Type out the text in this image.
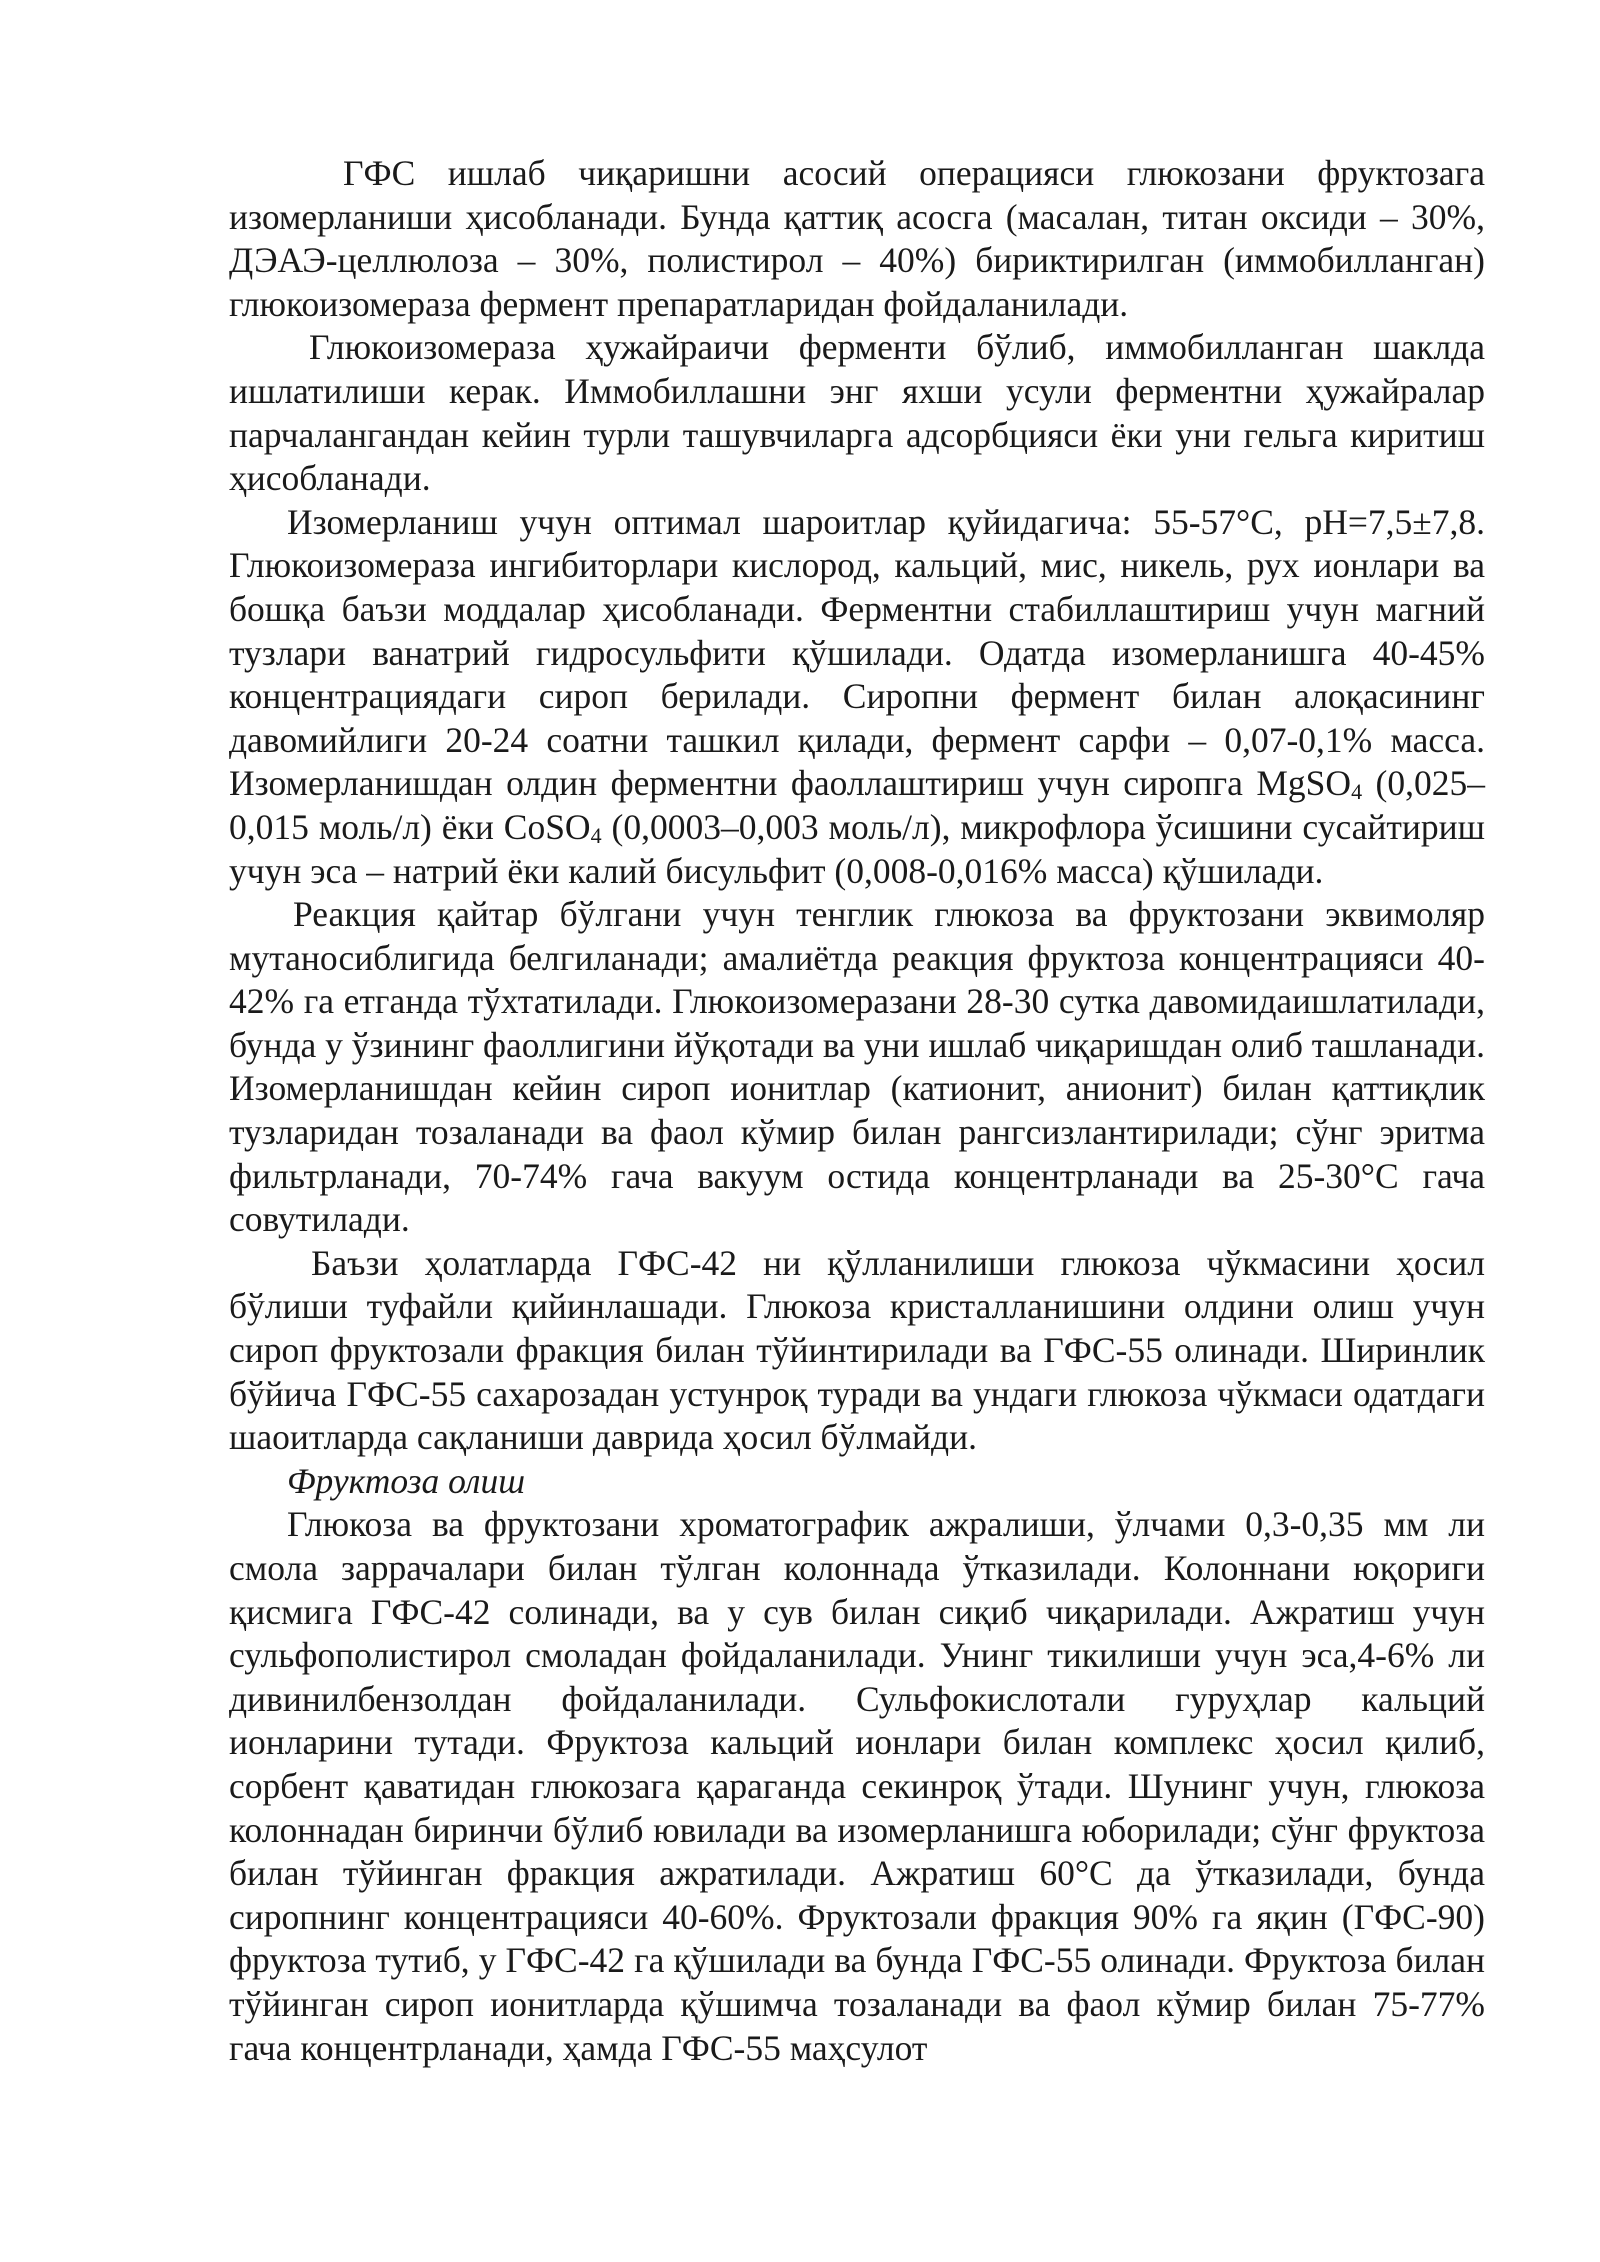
ГФС ишлаб чиқаришни асосий операцияси глюкозани фруктозага изомерланиши ҳисобланади. Бунда қаттиқ асосга (масалан, титан оксиди – 30%, ДЭАЭ-целлюлоза – 30%, полистирол – 40%) бириктирилган (иммобилланган) глюкоизомераза фермент препаратларидан фойдаланилади.

Глюкоизомераза ҳужайраичи ферменти бўлиб, иммобилланган шаклда ишлатилиши керак. Иммобиллашни энг яхши усули ферментни ҳужайралар парчалангандан кейин турли ташувчиларга адсорбцияси ёки уни гельга киритиш ҳисобланади.

Изомерланиш учун оптимал шароитлар қуйидагича: 55-57°С, рН=7,5±7,8. Глюкоизомераза ингибиторлари кислород, кальций, мис, никель, рух ионлари ва бошқа баъзи моддалар ҳисобланади. Ферментни стабиллаштириш учун магний тузлари ванатрий гидросульфити қўшилади. Одатда изомерланишга 40-45% концентрациядаги сироп берилади. Сиропни фермент билан алоқасининг давомийлиги 20-24 соатни ташкил қилади, фермент сарфи – 0,07-0,1% масса. Изомерланишдан олдин ферментни фаоллаштириш учун сиропга MgSO$_4$ (0,025–0,015 моль/л) ёки CoSO$_4$ (0,0003–0,003 моль/л), микрофлора ўсишини сусайтириш учун эса – натрий ёки калий бисульфит (0,008-0,016% масса) қўшилади.

Реакция қайтар бўлгани учун тенглик глюкоза ва фруктозани эквимоляр мутаносиблигида белгиланади; амалиётда реакция фруктоза концентрацияси 40-42% га етганда тўхтатилади. Глюкоизомеразани 28-30 сутка давомидаишлатилади, бунда у ўзининг фаоллигини йўқотади ва уни ишлаб чиқаришдан олиб ташланади. Изомерланишдан кейин сироп ионитлар (катионит, анионит) билан қаттиқлик тузларидан тозаланади ва фаол кўмир билан рангсизлантирилади; сўнг эритма фильтрланади, 70-74% гача вакуум остида концентрланади ва 25-30°С гача совутилади.

Баъзи ҳолатларда ГФС-42 ни қўлланилиши глюкоза чўкмасини ҳосил бўлиши туфайли қийинлашади. Глюкоза кристалланишини олдини олиш учун сироп фруктозали фракция билан тўйинтирилади ва ГФС-55 олинади. Ширинлик бўйича ГФС-55 сахарозадан устунроқ туради ва ундаги глюкоза чўкмаси одатдаги шаоитларда сақланиши даврида ҳосил бўлмайди.

Фруктоза олиш

Глюкоза ва фруктозани хроматографик ажралиши, ўлчами 0,3-0,35 мм ли смола заррачалари билан тўлган колоннада ўтказилади. Колоннани юқориги қисмига ГФС-42 солинади, ва у сув билан сиқиб чиқарилади. Ажратиш учун сульфополистирол смоладан фойдаланилади. Унинг тикилиши учун эса,4-6% ли дивинилбензолдан фойдаланилади. Сульфокислотали гуруҳлар кальций ионларини тутади. Фруктоза кальций ионлари билан комплекс ҳосил қилиб, сорбент қаватидан глюкозага қараганда секинроқ ўтади. Шунинг учун, глюкоза колоннадан биринчи бўлиб ювилади ва изомерланишга юборилади; сўнг фруктоза билан тўйинган фракция ажратилади. Ажратиш 60°С да ўтказилади, бунда сиропнинг концентрацияси 40-60%. Фруктозали фракция 90% га яқин (ГФС-90) фруктоза тутиб, у ГФС-42 га қўшилади ва бунда ГФС-55 олинади. Фруктоза билан тўйинган сироп ионитларда қўшимча тозаланади ва фаол кўмир билан 75-77% гача концентрланади, ҳамда ГФС-55 маҳсулот
